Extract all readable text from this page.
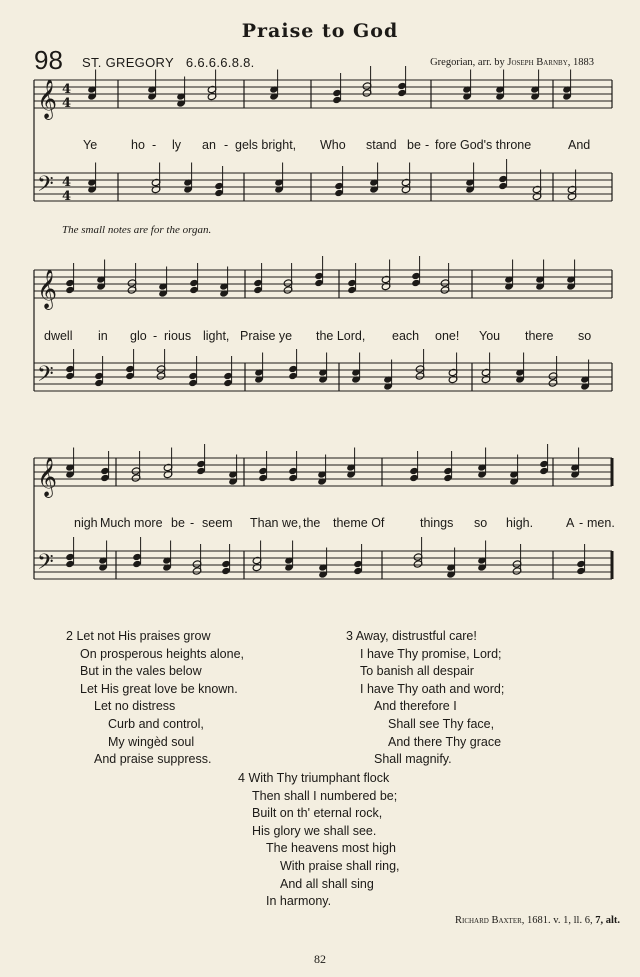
Praise to God
98 ST. GREGORY 6.6.6.6.8.8.	Gregorian, arr. by Joseph Barnby, 1883
𝄞
𝄢
𝄞
𝄢
𝄞
𝄢
4
4
4
4
Ye	ho - ly an - gels bright, Who stand be - fore God's throne	And
The small notes are for the organ.
dwell in glo - rious light, Praise ye the Lord, each one! You there so
nigh Much more be - seem Than we, the theme Of	things so high.	A - men.
2 Let not His praises grow
On prosperous heights alone,
But in the vales below
Let His great love be known.
Let no distress
Curb and control,
My wingèd soul
And praise suppress.
3 Away, distrustful care!
I have Thy promise, Lord;
To banish all despair
I have Thy oath and word;
And therefore I
Shall see Thy face,
And there Thy grace
Shall magnify.
4 With Thy triumphant flock
Then shall I numbered be;
Built on th' eternal rock,
His glory we shall see.
The heavens most high
With praise shall ring,
And all shall sing
In harmony.
Richard Baxter, 1681. v. 1, ll. 6, 7, alt.
82
